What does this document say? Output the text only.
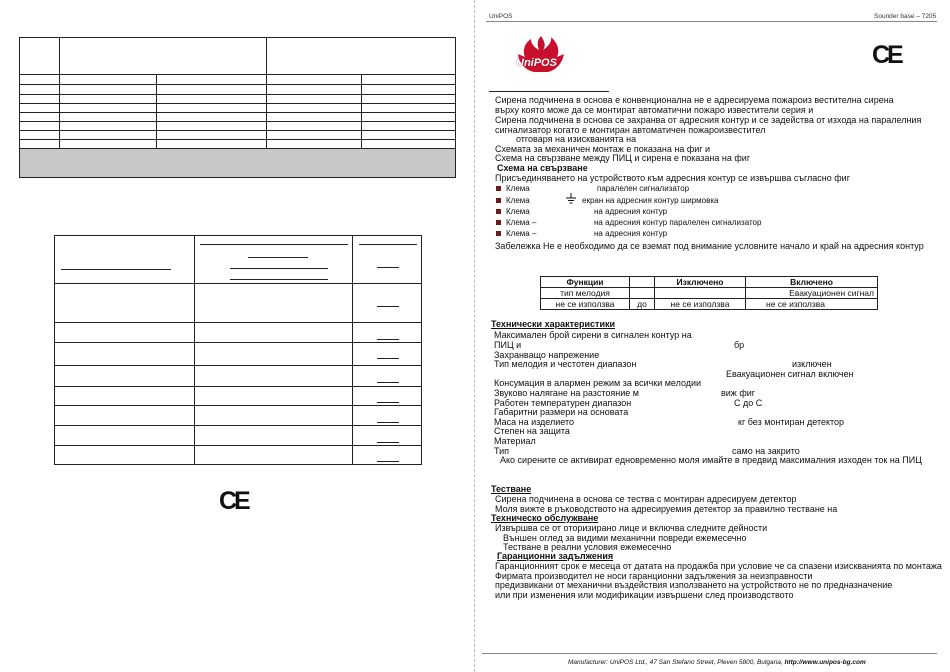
CE
UniPOS	Sounder base – 7205
UniPOS	CE
Сирена подчинена в основа е конвенционална не е адресируема пожароиз вестителна сирена
върху която може да се монтират автоматични пожаро известители серия и
Сирена подчинена в основа се захранва от адресния контур и се задейства от изхода на паралелния
сигнализатор когато е монтиран автоматичен пожароизвестител
отговаря на изискванията на
Схемата за механичен монтаж е показана на фиг и
Схема на свързване между ПИЦ и сирена е показана на фиг
Схема на свързване
Присъединяването на устройството към адресния контур се извършва съгласно фиг
Клема	паралелен сигнализатор
Клема	екран на адресния контур ширмовка
Клема	на адресния контур
Клема –	на адресния контур паралелен сигнализатор
Клема –	на адресния контур
Забележка Не е необходимо да се вземат под внимание условните начало и край на адресния контур
Функции		Изключено	Включено
тип мелодия			Евакуационен сигнал
не се използва	до	не се използва	не се използва
Технически характеристики
Максимален брой сирени в сигнален контур на
ПИЦ и	бр
Захранващо напрежение
Тип мелодия и честотен диапазон	изключен
Евакуационен сигнал включен
Консумация в алармен режим за всички мелодии
Звуково налягане на разстояние м	виж фиг
Работен температурен диапазон	С до С
Габаритни размери на основата
Маса на изделието	кг без монтиран детектор
Степен на защита
Материал
Тип	само на закрито
Ако сирените се активират едновременно моля имайте в предвид максималния изходен ток на ПИЦ
Тестване
Сирена подчинена в основа се тества с монтиран адресируем детектор
Моля вижте в ръководството на адресируемия детектор за правилно тестване на
Техническо обслужване
Извършва се от оторизирано лице и включва следните дейности
Външен оглед за видими механични повреди ежемесечно
Тестване в реални условия ежемесечно
Гаранционни задължения
Гаранционният срок е месеца от датата на продажба при условие че са спазени изискванията по монтажа
Фирмата производител не носи гаранционни задължения за неизправности
предизвикани от механични въздействия използването на устройството не по предназначение
или при изменения или модификации извършени след производството
Manufacturer: UniPOS Ltd., 47 San Stefano Street, Pleven 5800, Bulgaria, http://www.unipos-bg.com
